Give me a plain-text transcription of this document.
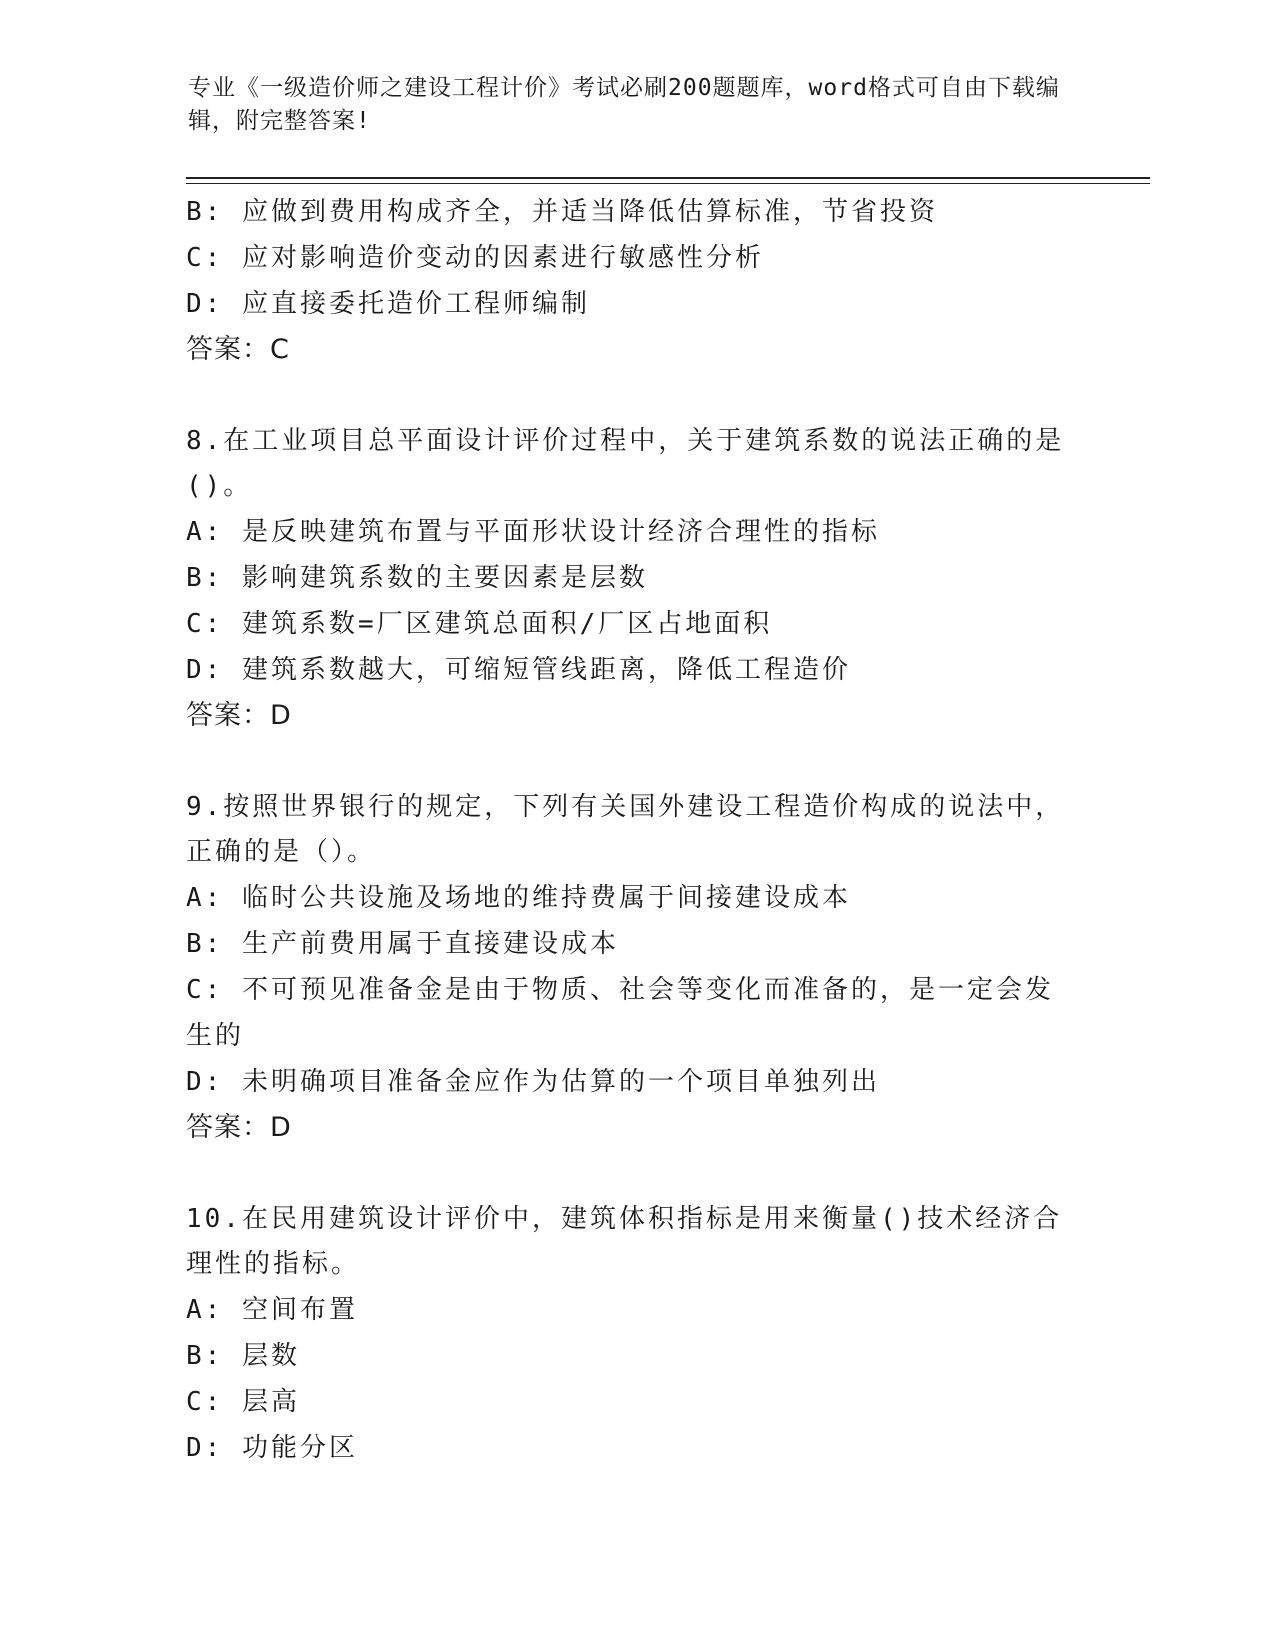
专业《一级造价师之建设工程计价》考试必刷200题题库，word格式可自由下载编辑，附完整答案!
B: 应做到费用构成齐全，并适当降低估算标准，节省投资
C: 应对影响造价变动的因素进行敏感性分析
D: 应直接委托造价工程师编制
答案：C
8.在工业项目总平面设计评价过程中，关于建筑系数的说法正确的是()。
A: 是反映建筑布置与平面形状设计经济合理性的指标
B: 影响建筑系数的主要因素是层数
C: 建筑系数=厂区建筑总面积/厂区占地面积
D: 建筑系数越大，可缩短管线距离，降低工程造价
答案：D
9.按照世界银行的规定，下列有关国外建设工程造价构成的说法中，正确的是（）。
A: 临时公共设施及场地的维持费属于间接建设成本
B: 生产前费用属于直接建设成本
C: 不可预见准备金是由于物质、社会等变化而准备的，是一定会发生的
D: 未明确项目准备金应作为估算的一个项目单独列出
答案：D
10.在民用建筑设计评价中，建筑体积指标是用来衡量()技术经济合理性的指标。
A: 空间布置
B: 层数
C: 层高
D: 功能分区
